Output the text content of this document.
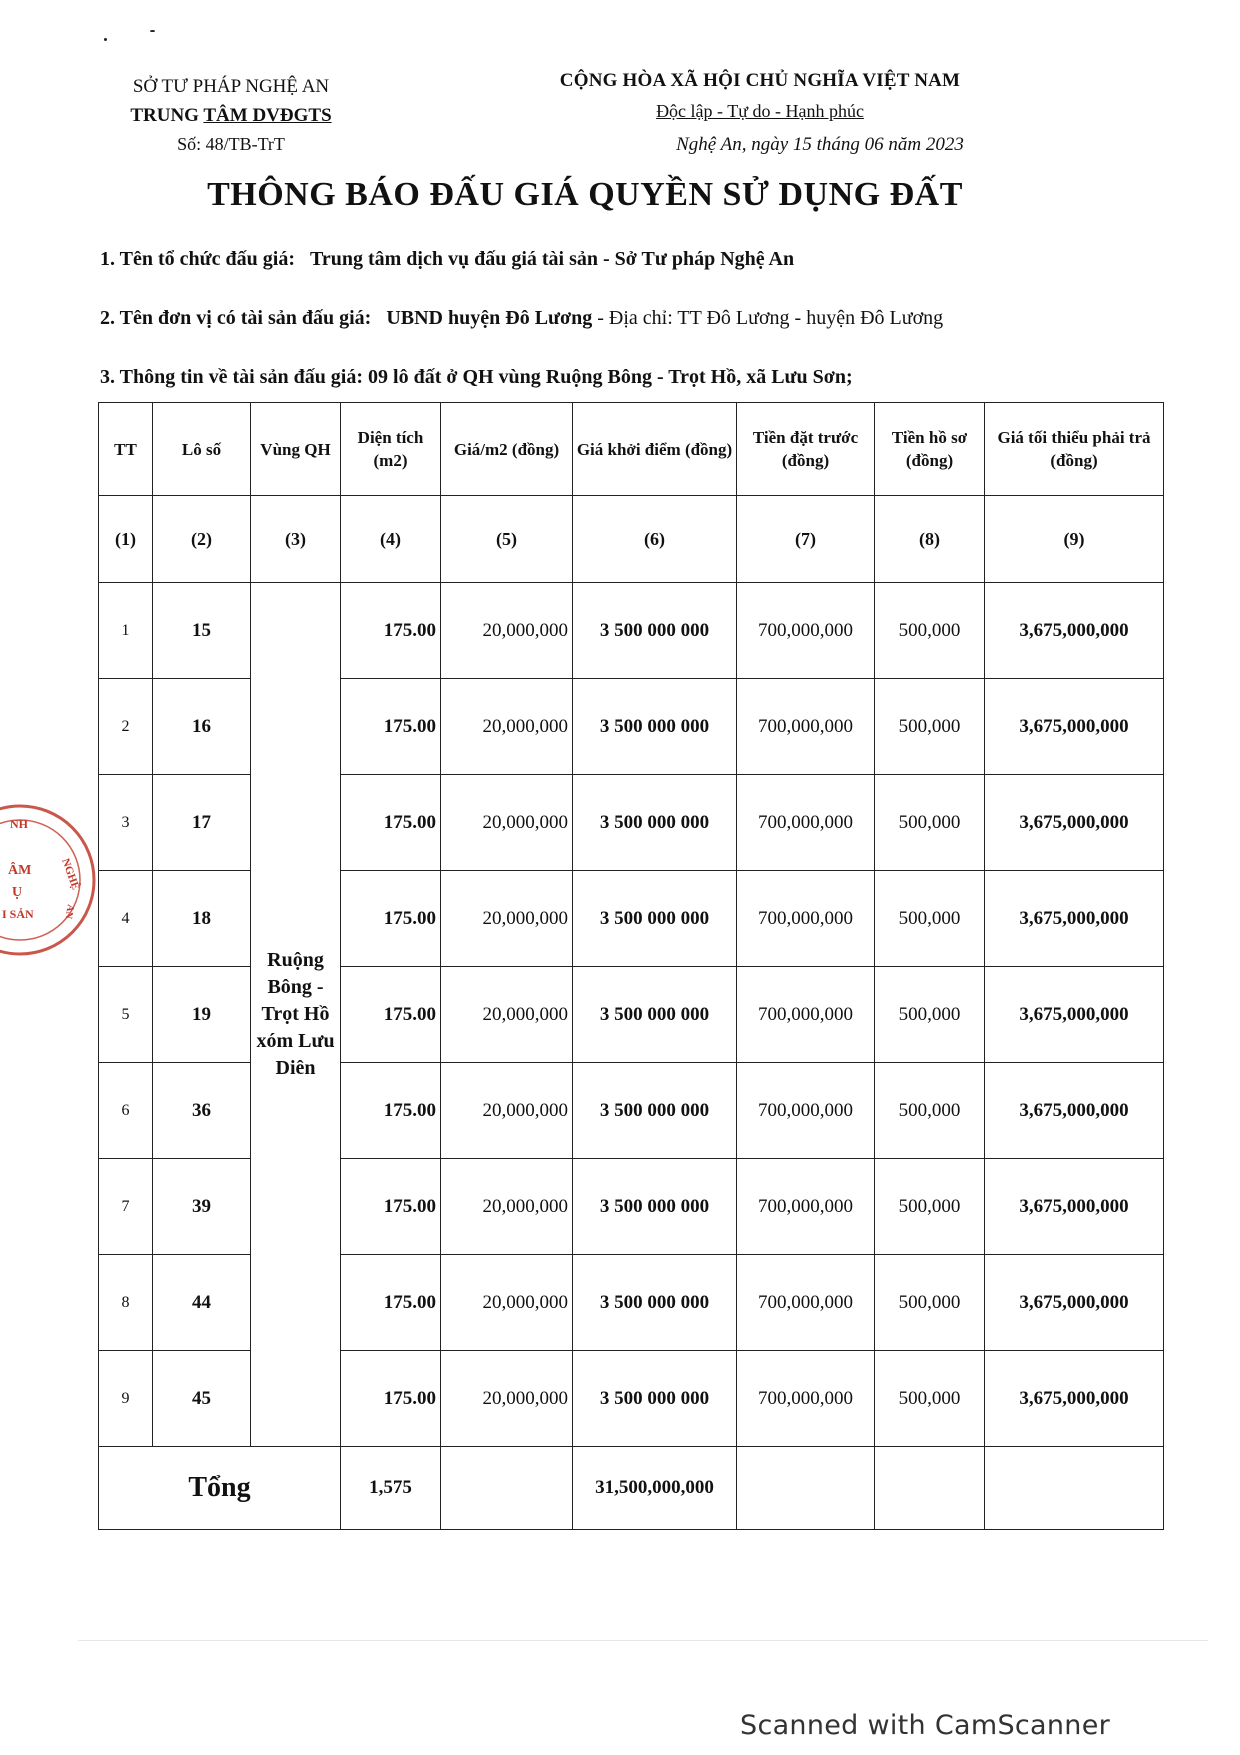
SỞ TƯ PHÁP NGHỆ AN
TRUNG TÂM DVĐGTS
Số: 48/TB-TrT
CỘNG HÒA XÃ HỘI CHỦ NGHĨA VIỆT NAM
Độc lập - Tự do - Hạnh phúc
Nghệ An, ngày 15 tháng 06 năm 2023
THÔNG BÁO ĐẤU GIÁ QUYỀN SỬ DỤNG ĐẤT
1. Tên tổ chức đấu giá: Trung tâm dịch vụ đấu giá tài sản - Sở Tư pháp Nghệ An
2. Tên đơn vị có tài sản đấu giá: UBND huyện Đô Lương - Địa chỉ: TT Đô Lương - huyện Đô Lương
3. Thông tin về tài sản đấu giá: 09 lô đất ở QH vùng Ruộng Bông - Trọt Hồ, xã Lưu Sơn;
TT	Lô số	Vùng QH	Diện tích (m2)	Giá/m2 (đồng)	Giá khởi điểm (đồng)	Tiền đặt trước (đồng)	Tiền hồ sơ (đồng)	Giá tối thiểu phải trả (đồng)
(1)	(2)	(3)	(4)	(5)	(6)	(7)	(8)	(9)
1	15	Ruộng Bông - Trọt Hồ xóm Lưu Diên	175.00	20,000,000	3 500 000 000	700,000,000	500,000	3,675,000,000
2	16		175.00	20,000,000	3 500 000 000	700,000,000	500,000	3,675,000,000
3	17		175.00	20,000,000	3 500 000 000	700,000,000	500,000	3,675,000,000
4	18		175.00	20,000,000	3 500 000 000	700,000,000	500,000	3,675,000,000
5	19		175.00	20,000,000	3 500 000 000	700,000,000	500,000	3,675,000,000
6	36		175.00	20,000,000	3 500 000 000	700,000,000	500,000	3,675,000,000
7	39		175.00	20,000,000	3 500 000 000	700,000,000	500,000	3,675,000,000
8	44		175.00	20,000,000	3 500 000 000	700,000,000	500,000	3,675,000,000
9	45		175.00	20,000,000	3 500 000 000	700,000,000	500,000	3,675,000,000
Tổng			1,575		31,500,000,000			
NH
ÂM
Ụ
I SẢN
NGHỆ
AN
Scanned with CamScanner
